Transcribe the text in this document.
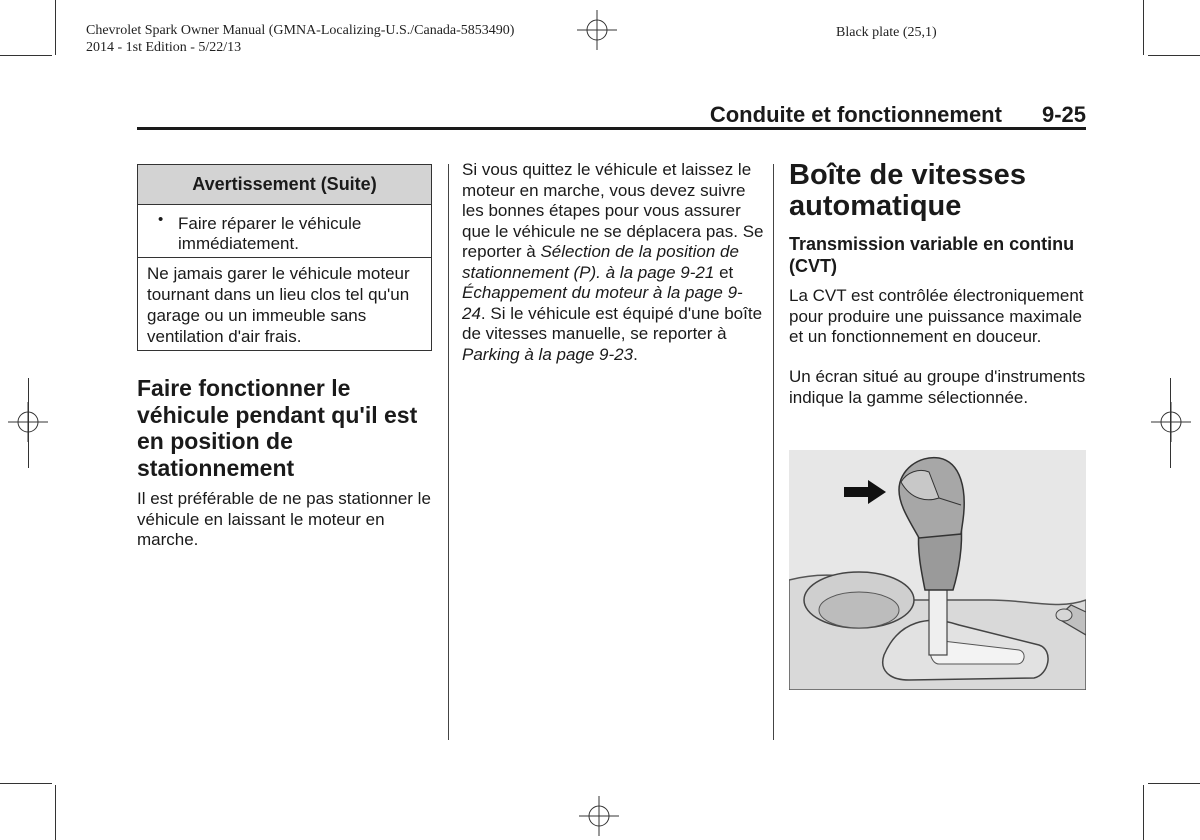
Chevrolet Spark Owner Manual (GMNA-Localizing-U.S./Canada-5853490)
2014 - 1st Edition - 5/22/13
Black plate (25,1)
Conduite et fonctionnement 9-25
Avertissement (Suite)
• Faire réparer le véhicule immédiatement.
Ne jamais garer le véhicule moteur tournant dans un lieu clos tel qu'un garage ou un immeuble sans ventilation d'air frais.
Faire fonctionner le véhicule pendant qu'il est en position de stationnement
Il est préférable de ne pas stationner le véhicule en laissant le moteur en marche.
Si vous quittez le véhicule et laissez le moteur en marche, vous devez suivre les bonnes étapes pour vous assurer que le véhicule ne se déplacera pas. Se reporter à Sélection de la position de stationnement (P). à la page 9-21 et Échappement du moteur à la page 9-24. Si le véhicule est équipé d'une boîte de vitesses manuelle, se reporter à Parking à la page 9-23.
Boîte de vitesses automatique
Transmission variable en continu (CVT)
La CVT est contrôlée électroniquement pour produire une puissance maximale et un fonctionnement en douceur.
Un écran situé au groupe d'instruments indique la gamme sélectionnée.
